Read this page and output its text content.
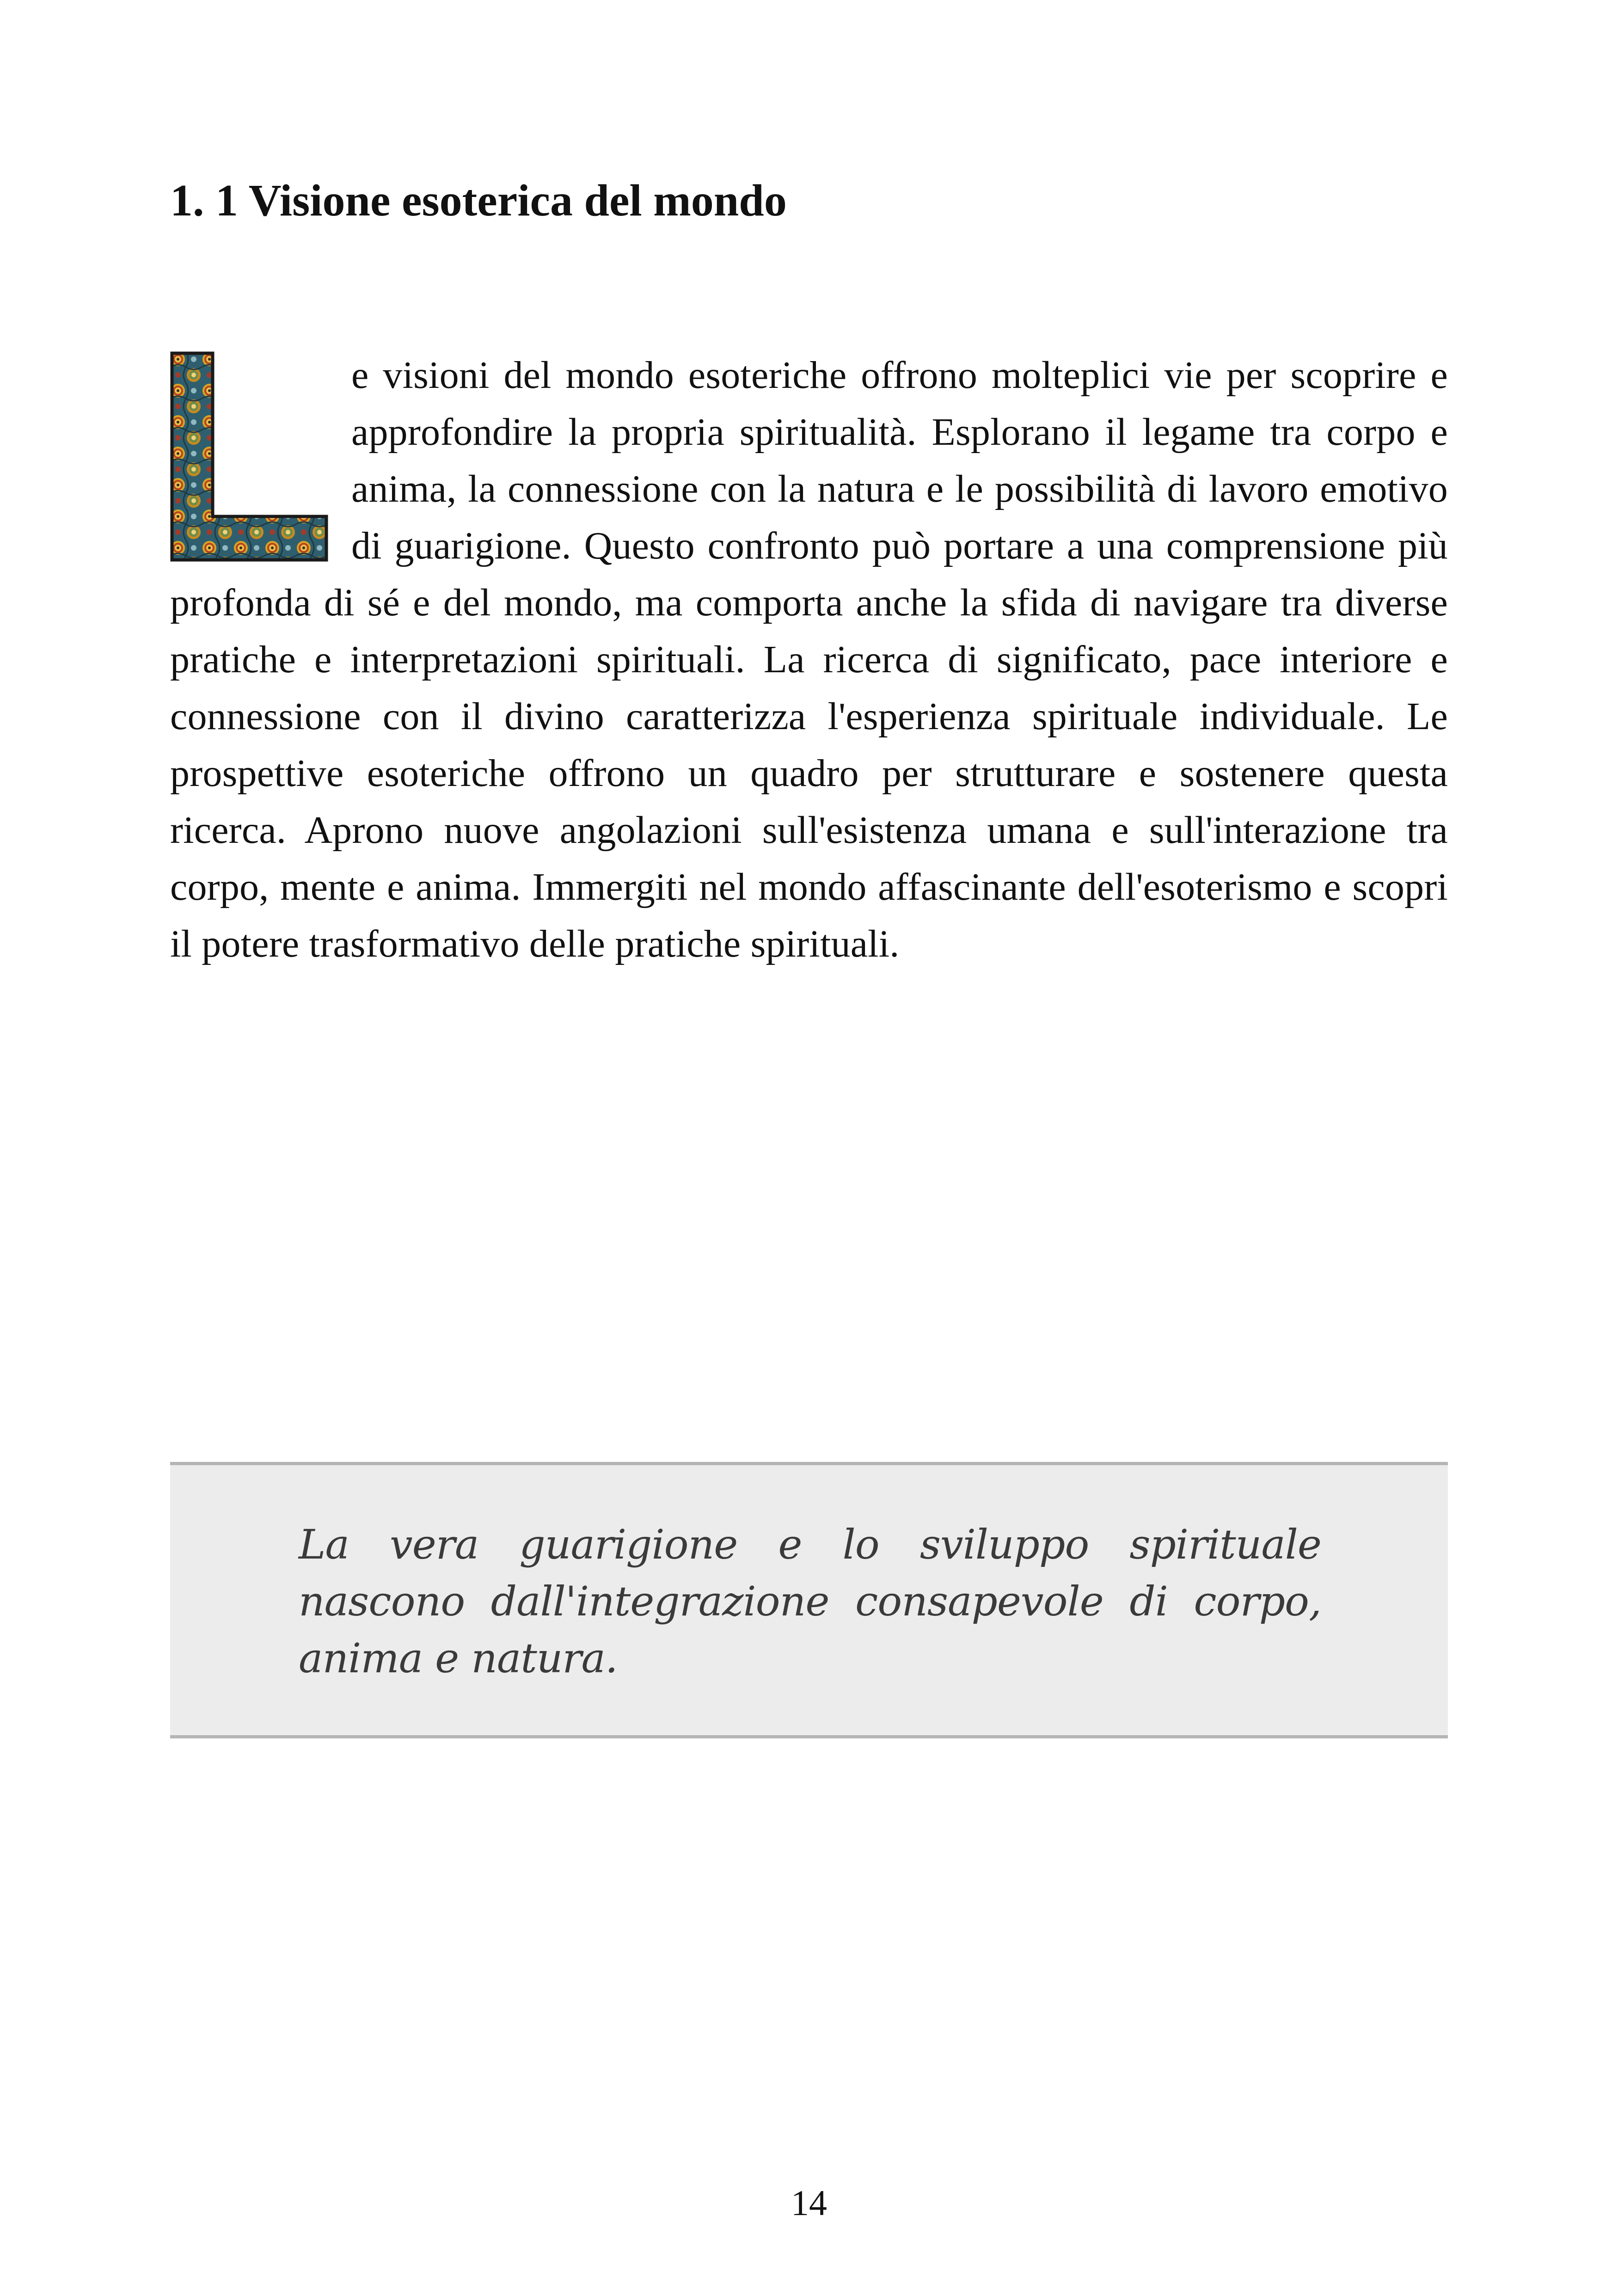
1. 1 Visione esoterica del mondo
e visioni del mondo esoteriche offrono molteplici vie per scoprire e approfondire la propria spiritualità. Esplorano il legame tra corpo e anima, la connessione con la natura e le possibilità di lavoro emotivo di guarigione. Questo confronto può portare a una comprensione più profonda di sé e del mondo, ma comporta anche la sfida di navigare tra diverse pratiche e interpretazioni spirituali. La ricerca di significato, pace interiore e connessione con il divino caratterizza l'esperienza spirituale individuale. Le prospettive esoteriche offrono un quadro per strutturare e sostenere questa ricerca. Aprono nuove angolazioni sull'esistenza umana e sull'interazione tra corpo, mente e anima. Immergiti nel mondo affascinante dell'esoterismo e scopri il potere trasformativo delle pratiche spirituali.

La vera guarigione e lo sviluppo spirituale nascono dall'integrazione consapevole di corpo, anima e natura.

14
